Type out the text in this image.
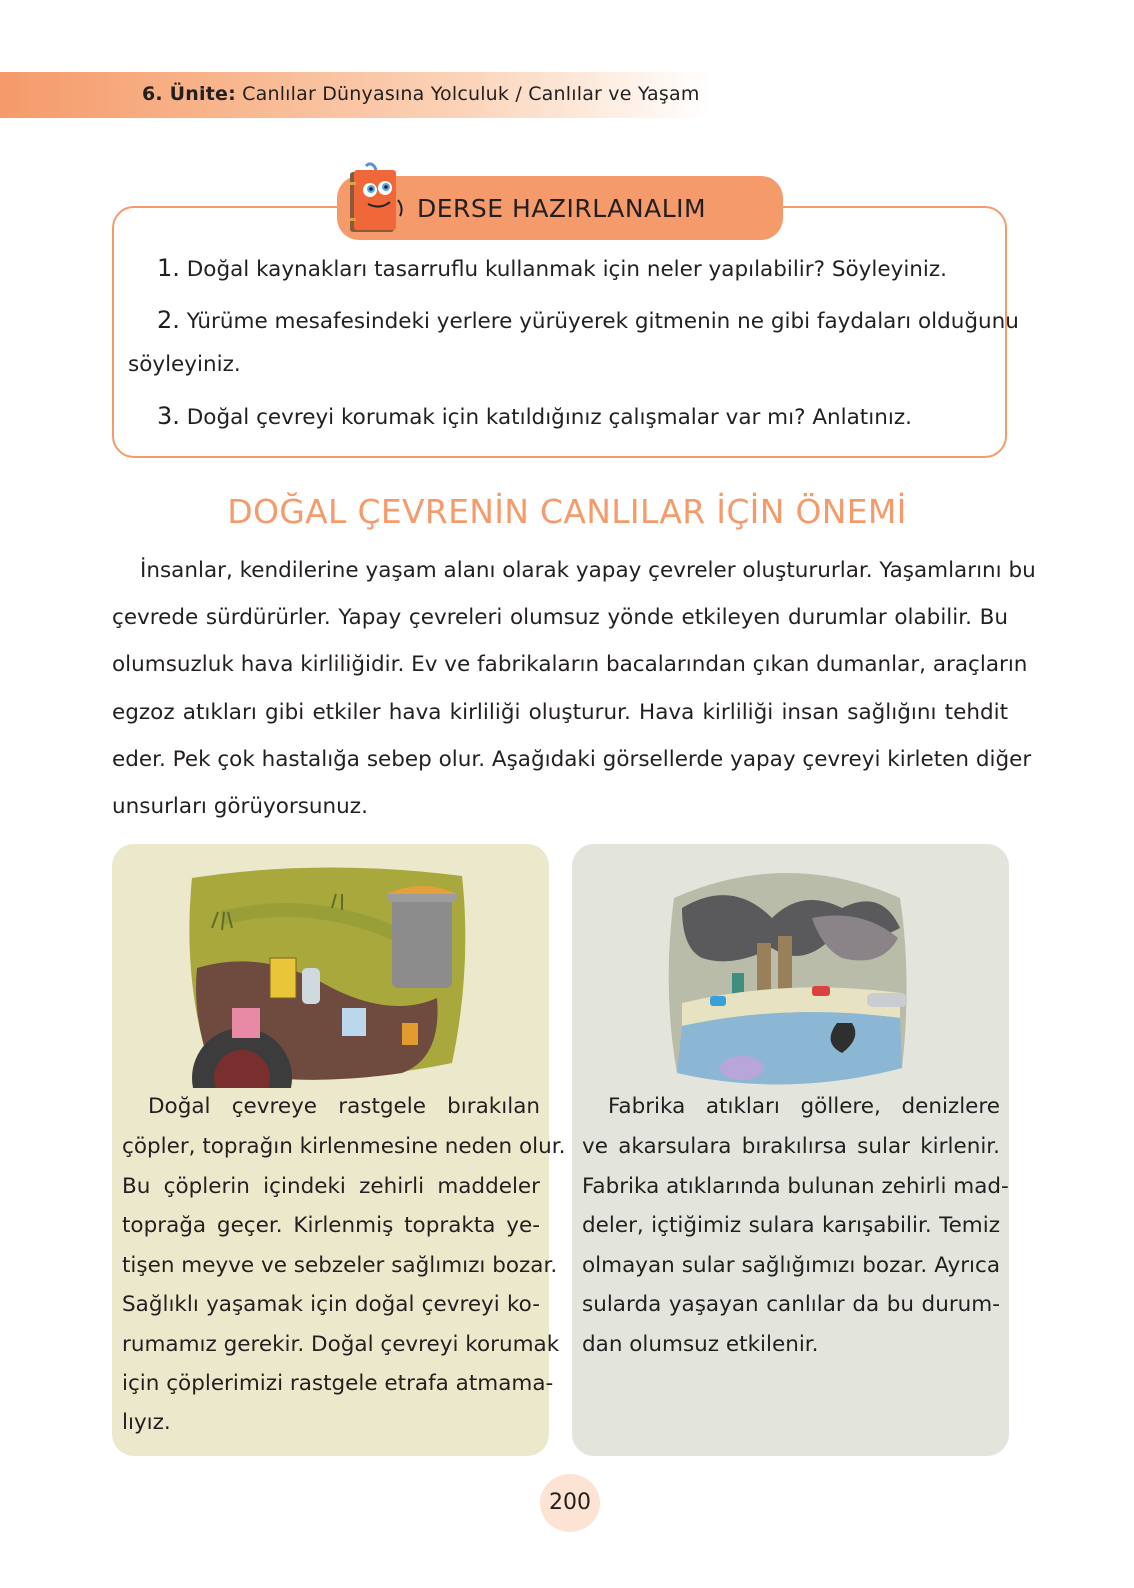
6. Ünite: Canlılar Dünyasına Yolculuk / Canlılar ve Yaşam
DERSE HAZIRLANALIM
1. Doğal kaynakları tasarruflu kullanmak için neler yapılabilir? Söyleyiniz.
2. Yürüme mesafesindeki yerlere yürüyerek gitmenin ne gibi faydaları olduğunu
söyleyiniz.
3. Doğal çevreyi korumak için katıldığınız çalışmalar var mı? Anlatınız.
DOĞAL ÇEVRENİN CANLILAR İÇİN ÖNEMİ
İnsanlar, kendilerine yaşam alanı olarak yapay çevreler oluştururlar. Yaşamlarını bu
çevrede sürdürürler. Yapay çevreleri olumsuz yönde etkileyen durumlar olabilir. Bu
olumsuzluk hava kirliliğidir. Ev ve fabrikaların bacalarından çıkan dumanlar, araçların
egzoz atıkları gibi etkiler hava kirliliği oluşturur. Hava kirliliği insan sağlığını tehdit
eder. Pek çok hastalığa sebep olur. Aşağıdaki görsellerde yapay çevreyi kirleten diğer
unsurları görüyorsunuz.
Doğal çevreye rastgele bırakılan
çöpler, toprağın kirlenmesine neden olur.
Bu çöplerin içindeki zehirli maddeler
toprağa geçer. Kirlenmiş toprakta ye-
tişen meyve ve sebzeler sağlımızı bozar.
Sağlıklı yaşamak için doğal çevreyi ko-
rumamız gerekir. Doğal çevreyi korumak
için çöplerimizi rastgele etrafa atmama-
lıyız.
Fabrika atıkları göllere, denizlere
ve akarsulara bırakılırsa sular kirlenir.
Fabrika atıklarında bulunan zehirli mad-
deler, içtiğimiz sulara karışabilir. Temiz
olmayan sular sağlığımızı bozar. Ayrıca
sularda yaşayan canlılar da bu durum-
dan olumsuz etkilenir.
200
